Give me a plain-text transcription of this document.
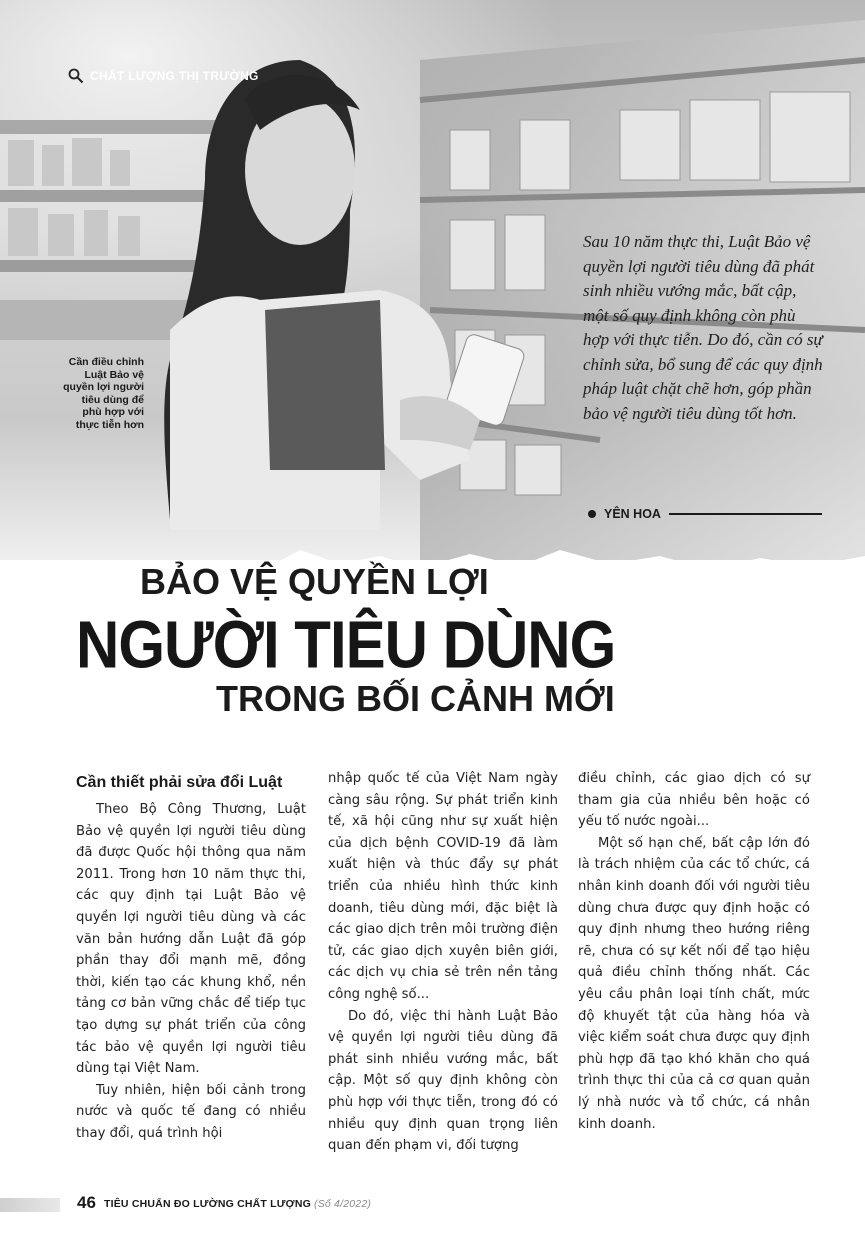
CHẤT LƯỢNG THỊ TRƯỜNG
Cần điều chỉnh Luật Bảo vệ quyền lợi người tiêu dùng để phù hợp với thực tiễn hơn
Sau 10 năm thực thi, Luật Bảo vệ quyền lợi người tiêu dùng đã phát sinh nhiều vướng mắc, bất cập, một số quy định không còn phù hợp với thực tiễn. Do đó, cần có sự chỉnh sửa, bổ sung để các quy định pháp luật chặt chẽ hơn, góp phần bảo vệ người tiêu dùng tốt hơn.
YÊN HOA
BẢO VỆ QUYỀN LỢI
NGƯỜI TIÊU DÙNG
TRONG BỐI CẢNH MỚI
Cần thiết phải sửa đổi Luật

Theo Bộ Công Thương, Luật Bảo vệ quyền lợi người tiêu dùng đã được Quốc hội thông qua năm 2011. Trong hơn 10 năm thực thi, các quy định tại Luật Bảo vệ quyền lợi người tiêu dùng và các văn bản hướng dẫn Luật đã góp phần thay đổi mạnh mẽ, đồng thời, kiến tạo các khung khổ, nền tảng cơ bản vững chắc để tiếp tục tạo dựng sự phát triển của công tác bảo vệ quyền lợi người tiêu dùng tại Việt Nam.

Tuy nhiên, hiện bối cảnh trong nước và quốc tế đang có nhiều thay đổi, quá trình hội

nhập quốc tế của Việt Nam ngày càng sâu rộng. Sự phát triển kinh tế, xã hội cũng như sự xuất hiện của dịch bệnh COVID-19 đã làm xuất hiện và thúc đẩy sự phát triển của nhiều hình thức kinh doanh, tiêu dùng mới, đặc biệt là các giao dịch trên môi trường điện tử, các giao dịch xuyên biên giới, các dịch vụ chia sẻ trên nền tảng công nghệ số...

Do đó, việc thi hành Luật Bảo vệ quyền lợi người tiêu dùng đã phát sinh nhiều vướng mắc, bất cập. Một số quy định không còn phù hợp với thực tiễn, trong đó có nhiều quy định quan trọng liên quan đến phạm vi, đối tượng

điều chỉnh, các giao dịch có sự tham gia của nhiều bên hoặc có yếu tố nước ngoài...

Một số hạn chế, bất cập lớn đó là trách nhiệm của các tổ chức, cá nhân kinh doanh đối với người tiêu dùng chưa được quy định hoặc có quy định nhưng theo hướng riêng rẽ, chưa có sự kết nối để tạo hiệu quả điều chỉnh thống nhất. Các yêu cầu phân loại tính chất, mức độ khuyết tật của hàng hóa và việc kiểm soát chưa được quy định phù hợp đã tạo khó khăn cho quá trình thực thi của cả cơ quan quản lý nhà nước và tổ chức, cá nhân kinh doanh.

46 TIÊU CHUẨN ĐO LƯỜNG CHẤT LƯỢNG (Số 4/2022)
